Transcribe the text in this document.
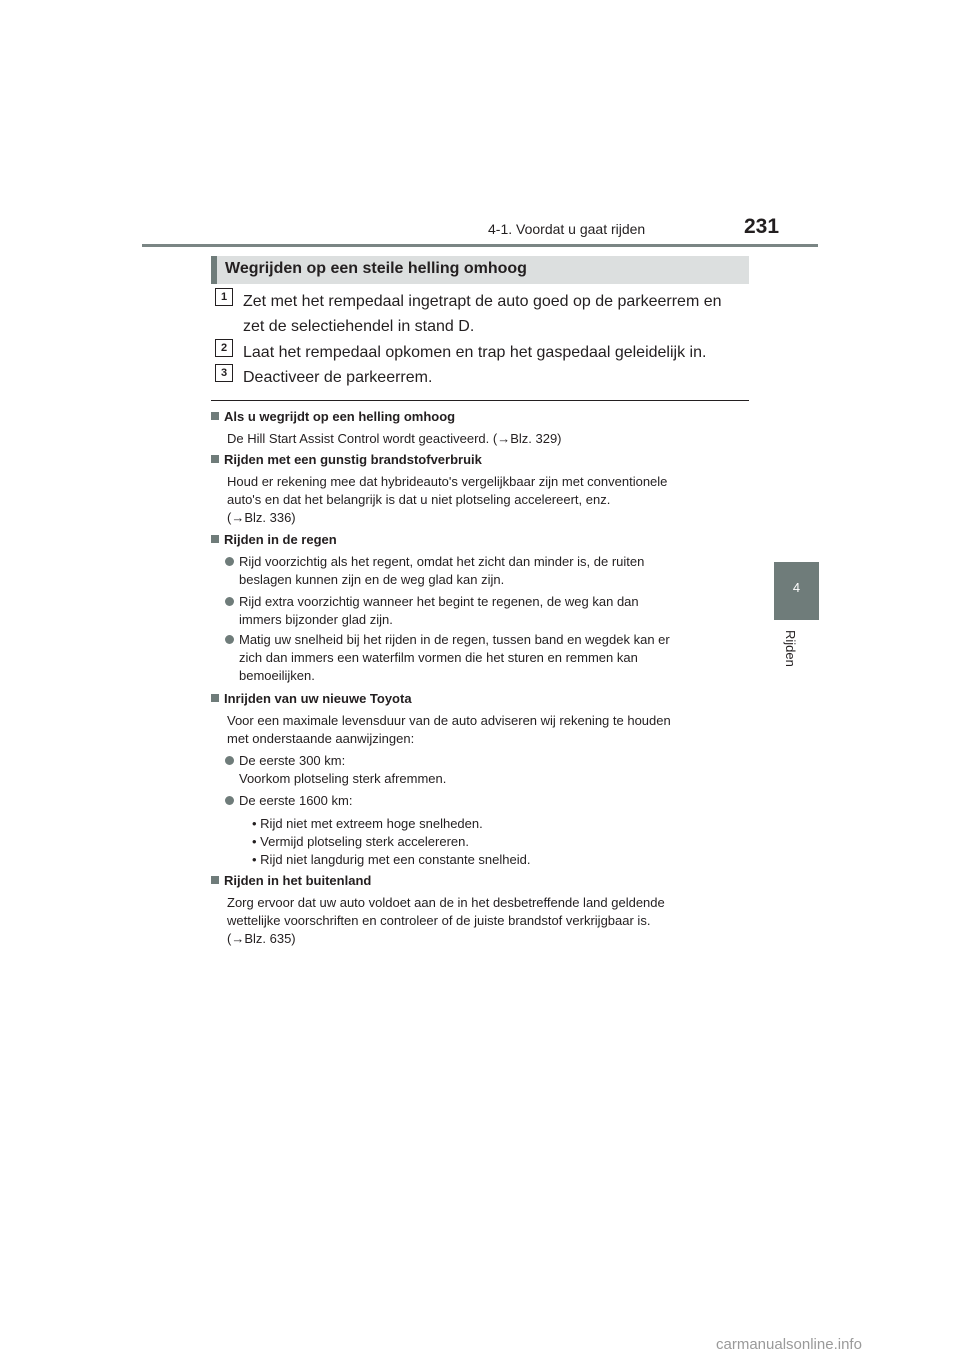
4-1. Voordat u gaat rijden	231
4
Rijden
Wegrijden op een steile helling omhoog
1 Zet met het rempedaal ingetrapt de auto goed op de parkeerrem en
zet de selectiehendel in stand D.
2 Laat het rempedaal opkomen en trap het gaspedaal geleidelijk in.
3 Deactiveer de parkeerrem.
Als u wegrijdt op een helling omhoog
De Hill Start Assist Control wordt geactiveerd. (→Blz. 329)
Rijden met een gunstig brandstofverbruik
Houd er rekening mee dat hybrideauto's vergelijkbaar zijn met conventionele
auto's en dat het belangrijk is dat u niet plotseling accelereert, enz.
(→Blz. 336)
Rijden in de regen
Rijd voorzichtig als het regent, omdat het zicht dan minder is, de ruiten
beslagen kunnen zijn en de weg glad kan zijn.
Rijd extra voorzichtig wanneer het begint te regenen, de weg kan dan
immers bijzonder glad zijn.
Matig uw snelheid bij het rijden in de regen, tussen band en wegdek kan er
zich dan immers een waterfilm vormen die het sturen en remmen kan
bemoeilijken.
Inrijden van uw nieuwe Toyota
Voor een maximale levensduur van de auto adviseren wij rekening te houden
met onderstaande aanwijzingen:
De eerste 300 km:
Voorkom plotseling sterk afremmen.
De eerste 1600 km:
• Rijd niet met extreem hoge snelheden.
• Vermijd plotseling sterk accelereren.
• Rijd niet langdurig met een constante snelheid.
Rijden in het buitenland
Zorg ervoor dat uw auto voldoet aan de in het desbetreffende land geldende
wettelijke voorschriften en controleer of de juiste brandstof verkrijgbaar is.
(→Blz. 635)
carmanualsonline.info
